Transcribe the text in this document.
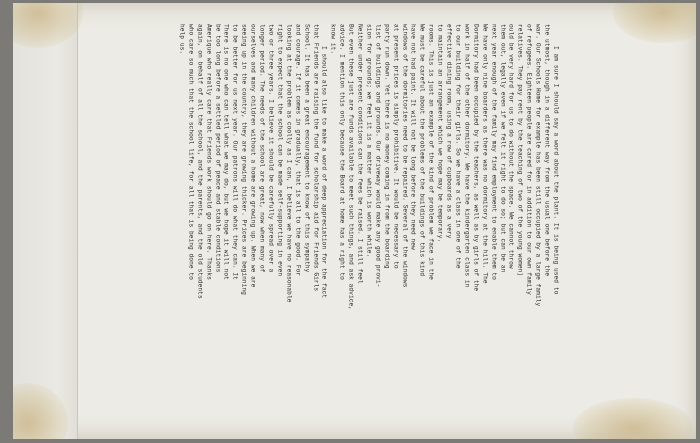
I am sure I should say a word about the plant. It is being used to
the utmost, though in a different way from the usual one before the
war. Our Schools Home for example has been still occupied by a large family
of refugees. Eighteen people are cared for in addition to our own family
relatives. They pay rent by the teaching of two of the young women)
ould be very hard for us to do without the space. We cannot throw
them out, legally even if we felt it right to do so; but can be an
next year enough of the family may find employment to enable them to
We have only nine boarders as there was no dormitory at the hill. The
Dormitory had been occupied by the teachers, as well as by girls of the
work in half of the other dormitory. We have the kindergarten class in
to our building for their girls. So we have a class in one of the
effective dining room, using a row of cupboards as a very
to maintain an arrangement which we hope may be temporary.
rooms. This is just an example of the kind of problem we face in the
We must be careful about the problems of the buildings of this kind
have not had paint. It will not be long before they need new
windows of the dormitories need to be repaired. Several of the windows
at present prices is simply prohibitive. It would be necessary to
party run down. Yet there is no money coming in from the boarding
list of buildings and grounds. Our driveway would make any good provi-
sion for grounds; we feel it is a matter which is worth while.
Neither under present conditions can the fees be raised. I still feel
But even these just are funds available to meet such things, and ask advice,
advice. I mention this only because the Board at home has a right to
know it.
I should also like to make a word of deep appreciation for the fact
that Friends are raising the fund for scholarship aid for Friends Girls
School. It has been a great encouragement to know of this sympathy
and courage. If it comes in gradually, that is all to the good. For
looking at the problem as coolly as I can, I believe we have no reasonable
right to expect that the school can be made self-supporting in even
two or three years. I believe it should be carefully spread over a
longer period. The needs of the school are great, now when many of
ourselves and many children without a home are growing up. When we are
seeing up in the country, they are growing thicker. Prices are beginning
to be better for us next year. Our patrons will do what they can. It
There is no one who can tell what we may do, but we hope it will not
be too long before a settled period of peace and stable conditions
Amerique who really care that Friends work should go on here. Thanks
again, on behalf of all the school, and the parents, and the old students
who care so much that the school life, for all that is being done to
help us.
